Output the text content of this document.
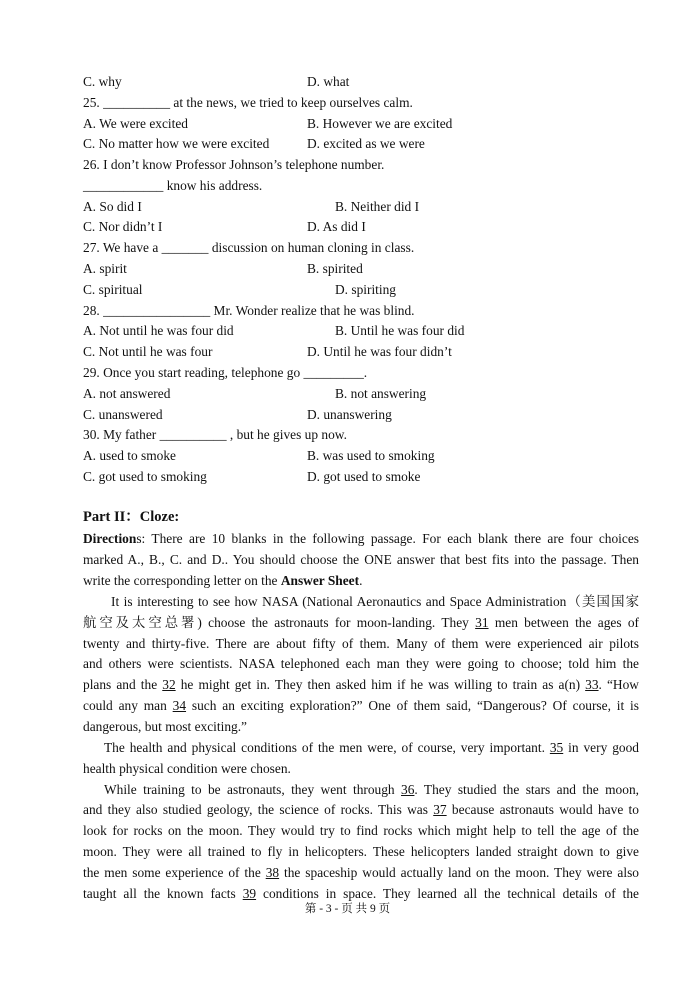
C. why	D. what
25. __________ at the news, we tried to keep ourselves calm.
A. We were excited	B. However we are excited
C. No matter how we were excited	D. excited as we were
26. I don’t know Professor Johnson’s telephone number.
____________ know his address.
A. So did I	B. Neither did I
C. Nor didn’t I	D. As did I
27. We have a _______ discussion on human cloning in class.
A. spirit	B. spirited
C. spiritual	D. spiriting
28. ________________ Mr. Wonder realize that he was blind.
A. Not until he was four did	B. Until he was four did
C. Not until he was four	D. Until he was four didn’t
29. Once you start reading, telephone go _________.
A. not answered	B. not answering
C. unanswered	D. unanswering
30. My father __________ , but he gives up now.
A. used to smoke	B. was used to smoking
C. got used to smoking	D. got used to smoke
Part II：Cloze:
Directions: There are 10 blanks in the following passage. For each blank there are four choices
marked A., B., C. and D.. You should choose the ONE answer that best fits into the passage. Then
write the corresponding letter on the Answer Sheet.
It is interesting to see how NASA (National Aeronautics and Space Administration（美国国家
航空及太空总署) choose the astronauts for moon-landing. They 31 men between the ages of
twenty and thirty-five. There are about fifty of them. Many of them were experienced air pilots
and others were scientists. NASA telephoned each man they were going to choose; told him the
plans and the 32 he might get in. They then asked him if he was willing to train as a(n) 33. “How
could any man 34 such an exciting exploration?” One of them said, “Dangerous? Of course, it is
dangerous, but most exciting.”
The health and physical conditions of the men were, of course, very important. 35 in very good
health physical condition were chosen.
While training to be astronauts, they went through 36. They studied the stars and the moon,
and they also studied geology, the science of rocks. This was 37 because astronauts would have to
look for rocks on the moon. They would try to find rocks which might help to tell the age of the
moon. They were all trained to fly in helicopters. These helicopters landed straight down to give
the men some experience of the 38 the spaceship would actually land on the moon. They were also
taught all the known facts 39 conditions in space. They learned all the technical details of the
第 - 3 - 页 共 9 页
